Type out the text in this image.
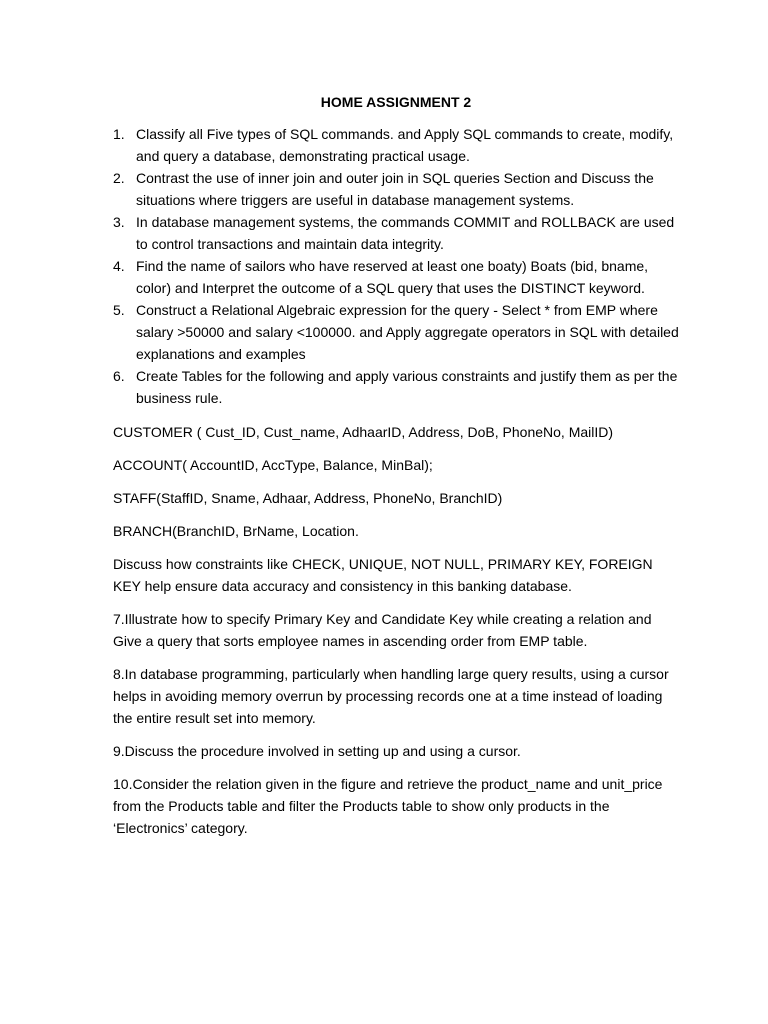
HOME ASSIGNMENT 2
1. Classify all Five types of SQL commands. and Apply SQL commands to create, modify, and query a database, demonstrating practical usage.
2. Contrast the use of inner join and outer join in SQL queries Section and Discuss the situations where triggers are useful in database management systems.
3. In database management systems, the commands COMMIT and ROLLBACK are used to control transactions and maintain data integrity.
4. Find the name of sailors who have reserved at least one boaty) Boats (bid, bname, color) and Interpret the outcome of a SQL query that uses the DISTINCT keyword.
5. Construct a Relational Algebraic expression for the query - Select * from EMP where salary >50000 and salary <100000. and Apply aggregate operators in SQL with detailed explanations and examples
6. Create Tables for the following and apply various constraints and justify them as per the business rule.

CUSTOMER ( Cust_ID, Cust_name, AdhaarID, Address, DoB, PhoneNo, MailID)

ACCOUNT( AccountID, AccType, Balance, MinBal);

STAFF(StaffID, Sname, Adhaar, Address, PhoneNo, BranchID)

BRANCH(BranchID, BrName, Location.

Discuss how constraints like CHECK, UNIQUE, NOT NULL, PRIMARY KEY, FOREIGN KEY help ensure data accuracy and consistency in this banking database.

7.Illustrate how to specify Primary Key and Candidate Key while creating a relation and Give a query that sorts employee names in ascending order from EMP table.

8.In database programming, particularly when handling large query results, using a cursor helps in avoiding memory overrun by processing records one at a time instead of loading the entire result set into memory.

9.Discuss the procedure involved in setting up and using a cursor.

10.Consider the relation given in the figure and retrieve the product_name and unit_price from the Products table and filter the Products table to show only products in the ‘Electronics’ category.
